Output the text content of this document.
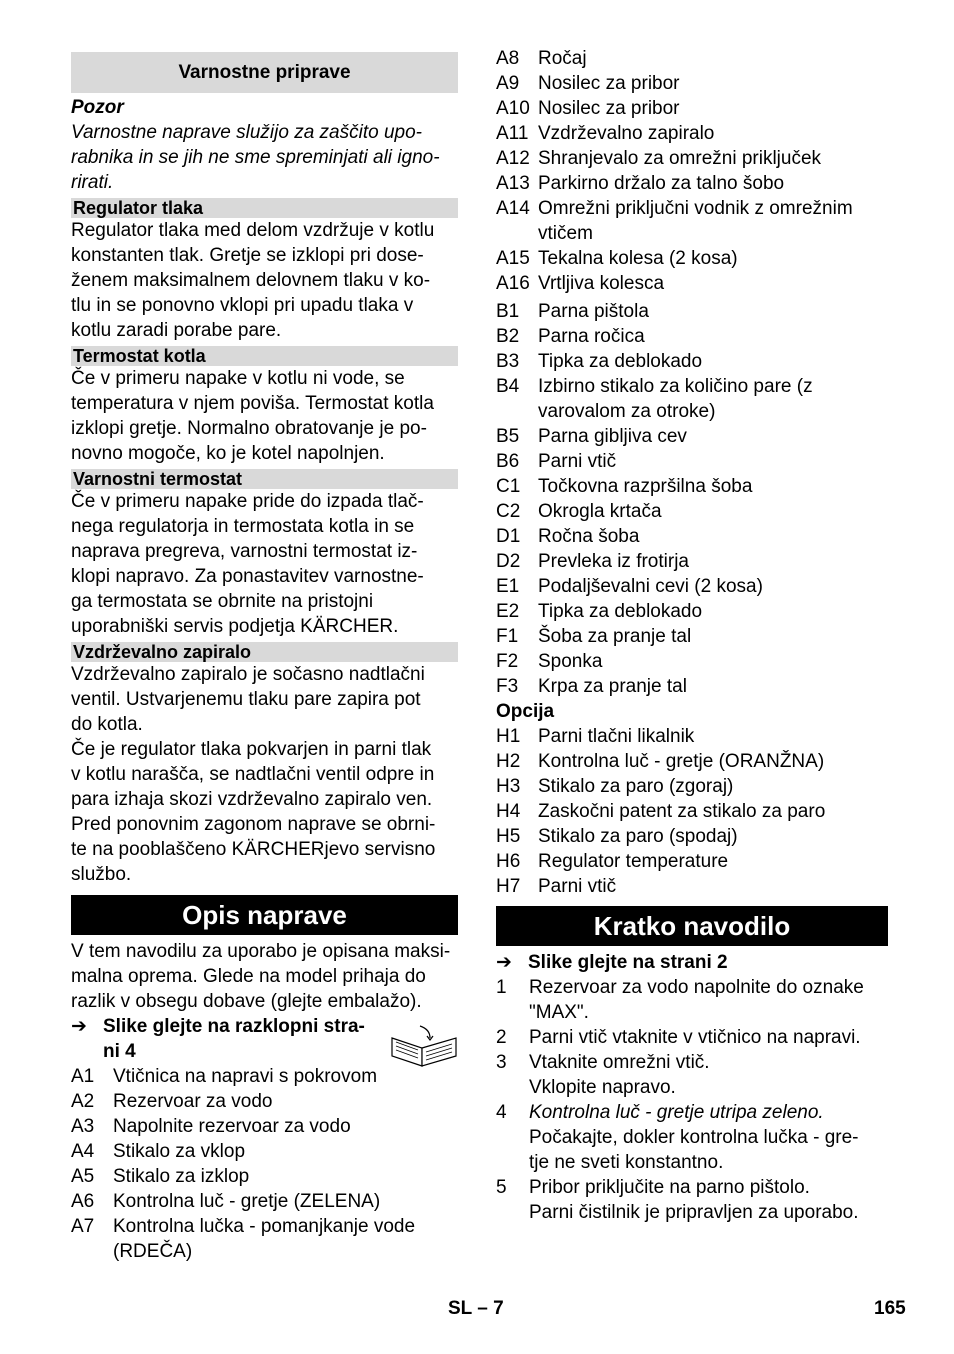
Varnostne priprave
Pozor
Varnostne naprave služijo za zaščito upo-
rabnika in se jih ne sme spreminjati ali igno-
rirati.
Regulator tlaka
Regulator tlaka med delom vzdržuje v kotlu
konstanten tlak. Gretje se izklopi pri dose-
ženem maksimalnem delovnem tlaku v ko-
tlu in se ponovno vklopi pri upadu tlaka v
kotlu zaradi porabe pare.
Termostat kotla
Če v primeru napake v kotlu ni vode, se
temperatura v njem poviša. Termostat kotla
izklopi gretje. Normalno obratovanje je po-
novno mogoče, ko je kotel napolnjen.
Varnostni termostat
Če v primeru napake pride do izpada tlač-
nega regulatorja in termostata kotla in se
naprava pregreva, varnostni termostat iz-
klopi napravo. Za ponastavitev varnostne-
ga termostata se obrnite na pristojni
uporabniški servis podjetja KÄRCHER.
Vzdrževalno zapiralo
Vzdrževalno zapiralo je sočasno nadtlačni
ventil. Ustvarjenemu tlaku pare zapira pot
do kotla.
Če je regulator tlaka pokvarjen in parni tlak
v kotlu narašča, se nadtlačni ventil odpre in
para izhaja skozi vzdrževalno zapiralo ven.
Pred ponovnim zagonom naprave se obrni-
te na pooblaščeno KÄRCHERjevo servisno
službo.
Opis naprave
V tem navodilu za uporabo je opisana maksi-
malna oprema. Glede na model prihaja do
razlik v obsegu dobave (glejte embalažo).
➔ Slike glejte na razklopni stra-
ni 4
A1 Vtičnica na napravi s pokrovom
A2 Rezervoar za vodo
A3 Napolnite rezervoar za vodo
A4 Stikalo za vklop
A5 Stikalo za izklop
A6 Kontrolna luč - gretje (ZELENA)
A7 Kontrolna lučka - pomanjkanje vode (RDEČA)
A8 Ročaj
A9 Nosilec za pribor
A10 Nosilec za pribor
A11 Vzdrževalno zapiralo
A12 Shranjevalo za omrežni priključek
A13 Parkirno držalo za talno šobo
A14 Omrežni priključni vodnik z omrežnim vtičem
A15 Tekalna kolesa (2 kosa)
A16 Vrtljiva kolesca
B1 Parna pištola
B2 Parna ročica
B3 Tipka za deblokado
B4 Izbirno stikalo za količino pare (z varovalom za otroke)
B5 Parna gibljiva cev
B6 Parni vtič
C1 Točkovna razpršilna šoba
C2 Okrogla krtača
D1 Ročna šoba
D2 Prevleka iz frotirja
E1 Podaljševalni cevi (2 kosa)
E2 Tipka za deblokado
F1	Šoba za pranje tal
F2	Sponka
F3	Krpa za pranje tal
Opcija
H1 Parni tlačni likalnik
H2 Kontrolna luč - gretje (ORANŽNA)
H3 Stikalo za paro (zgoraj)
H4 Zaskočni patent za stikalo za paro
H5 Stikalo za paro (spodaj)
H6 Regulator temperature
H7 Parni vtič
Kratko navodilo
➔ Slike glejte na strani 2
1	Rezervoar za vodo napolnite do oznake
"MAX".
2	Parni vtič vtaknite v vtičnico na napravi.
3	Vtaknite omrežni vtič.
Vklopite napravo.
4	Kontrolna luč - gretje utripa zeleno.
Počakajte, dokler kontrolna lučka - gre-
tje ne sveti konstantno.
5	Pribor priključite na parno pištolo.
Parni čistilnik je pripravljen za uporabo.
SL – 7	165
